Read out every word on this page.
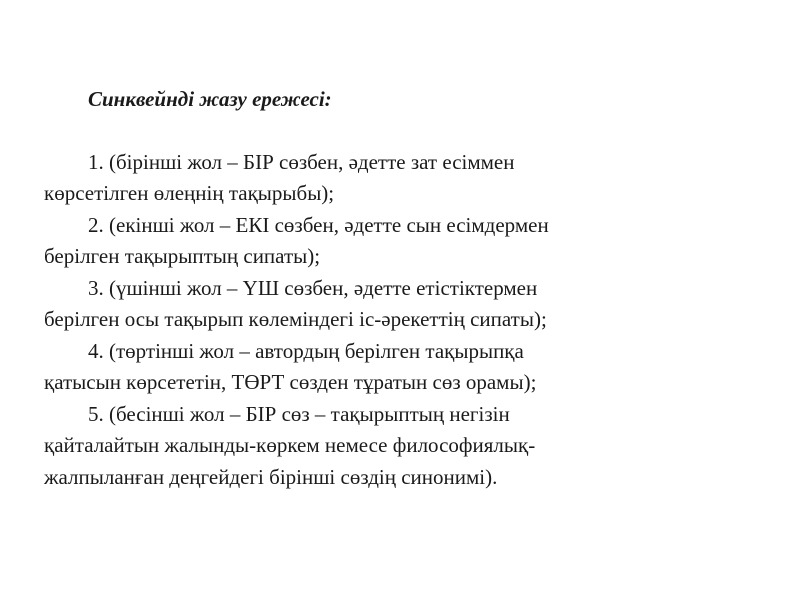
Синквейнді жазу ережесі:

1. (бірінші жол – БІР сөзбен, әдетте зат есіммен
көрсетілген өлеңнің тақырыбы);

2. (екінші жол – ЕКІ сөзбен, әдетте сын есімдермен
берілген тақырыптың сипаты);

3. (үшінші жол – ҮШ сөзбен, әдетте етістіктермен
берілген осы тақырып көлеміндегі іс-әрекеттің сипаты);

4. (төртінші жол – автордың берілген тақырыпқа
қатысын көрсететін, ТӨРТ сөзден тұратын сөз орамы);

5. (бесінші жол – БІР сөз – тақырыптың негізін
қайталайтын жалынды-көркем немесе философиялық-
жалпыланған деңгейдегі бірінші сөздің синонимі).
